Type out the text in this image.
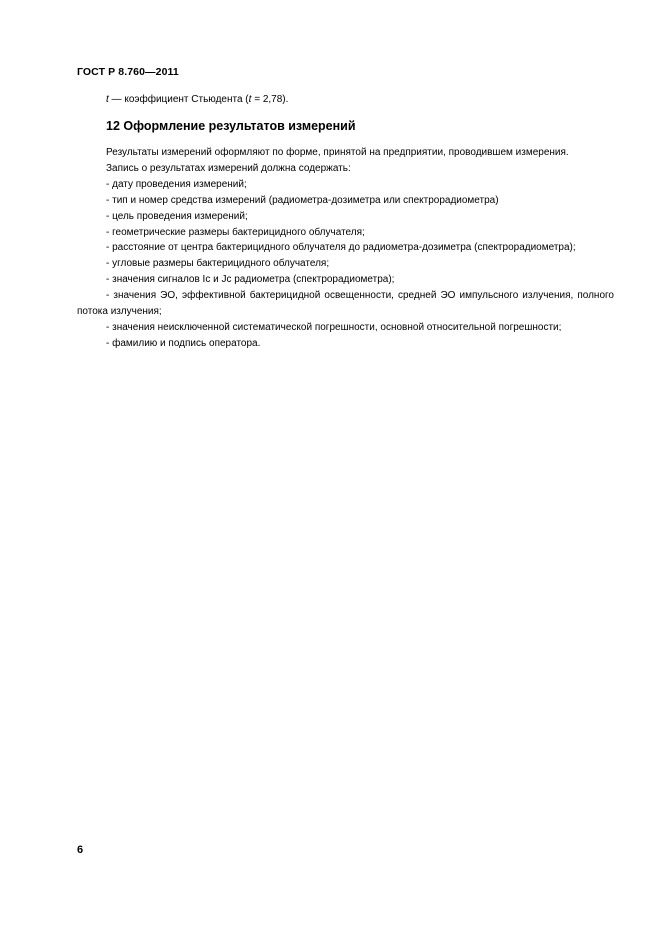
ГОСТ Р 8.760—2011
t — коэффициент Стьюдента (t = 2,78).
12 Оформление результатов измерений

Результаты измерений оформляют по форме, принятой на предприятии, проводившем измерения.

Запись о результатах измерений должна содержать:

- дату проведения измерений;

- тип и номер средства измерений (радиометра-дозиметра или спектрорадиометра)

- цель проведения измерений;

- геометрические размеры бактерицидного облучателя;

- расстояние от центра бактерицидного облучателя до радиометра-дозиметра (спектрорадиометра);

- угловые размеры бактерицидного облучателя;

- значения сигналов Iс и Jс радиометра (спектрорадиометра);

- значения ЭО, эффективной бактерицидной освещенности, средней ЭО импульсного излучения, полного потока излучения;

- значения неисключенной систематической погрешности, основной относительной погрешности;

- фамилию и подпись оператора.

6
